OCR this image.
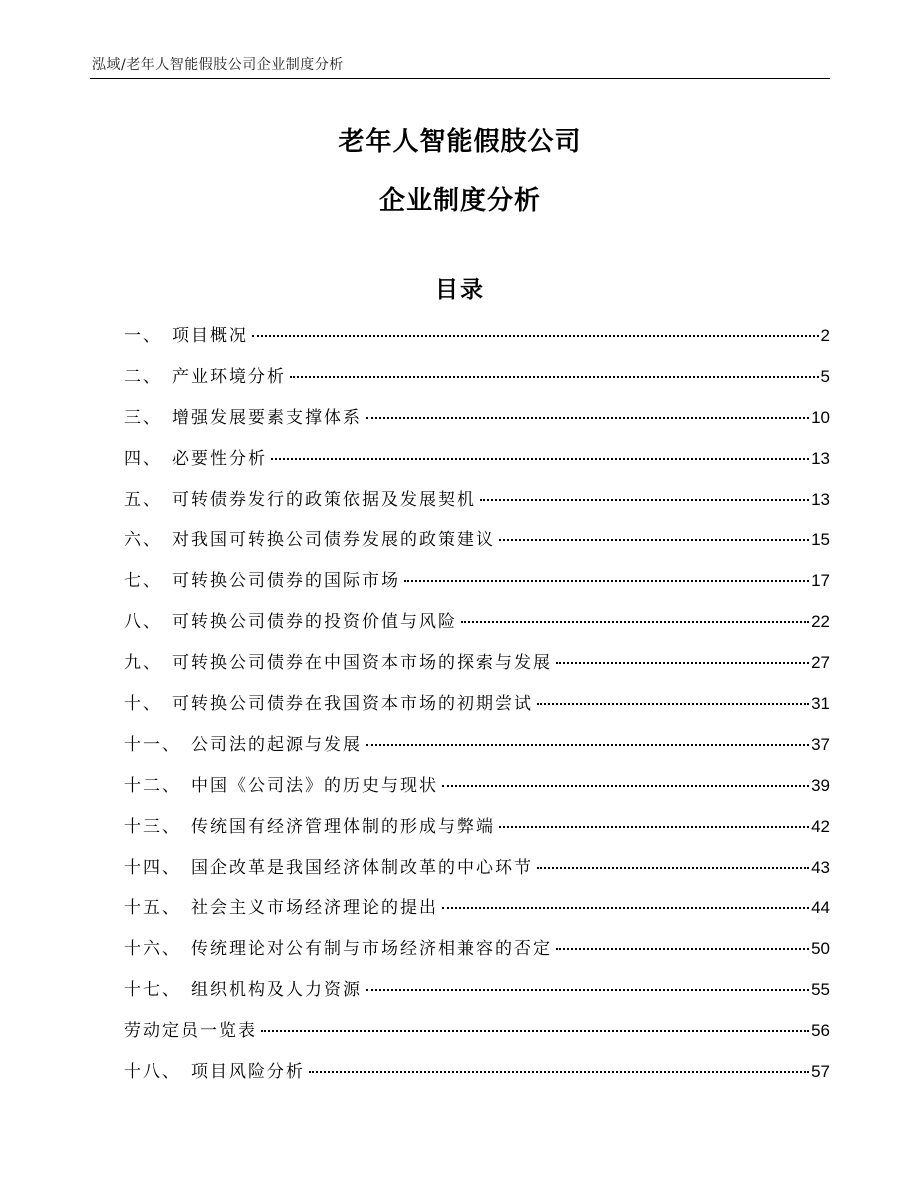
泓域/老年人智能假肢公司企业制度分析
老年人智能假肢公司
企业制度分析
目录
一、 项目概况	2
二、 产业环境分析	5
三、 增强发展要素支撑体系	10
四、 必要性分析	13
五、 可转债券发行的政策依据及发展契机	13
六、 对我国可转换公司债券发展的政策建议	15
七、 可转换公司债券的国际市场	17
八、 可转换公司债券的投资价值与风险	22
九、 可转换公司债券在中国资本市场的探索与发展	27
十、 可转换公司债券在我国资本市场的初期尝试	31
十一、 公司法的起源与发展	37
十二、 中国《公司法》的历史与现状	39
十三、 传统国有经济管理体制的形成与弊端	42
十四、 国企改革是我国经济体制改革的中心环节	43
十五、 社会主义市场经济理论的提出	44
十六、 传统理论对公有制与市场经济相兼容的否定	50
十七、 组织机构及人力资源	55
劳动定员一览表	56
十八、 项目风险分析	57
